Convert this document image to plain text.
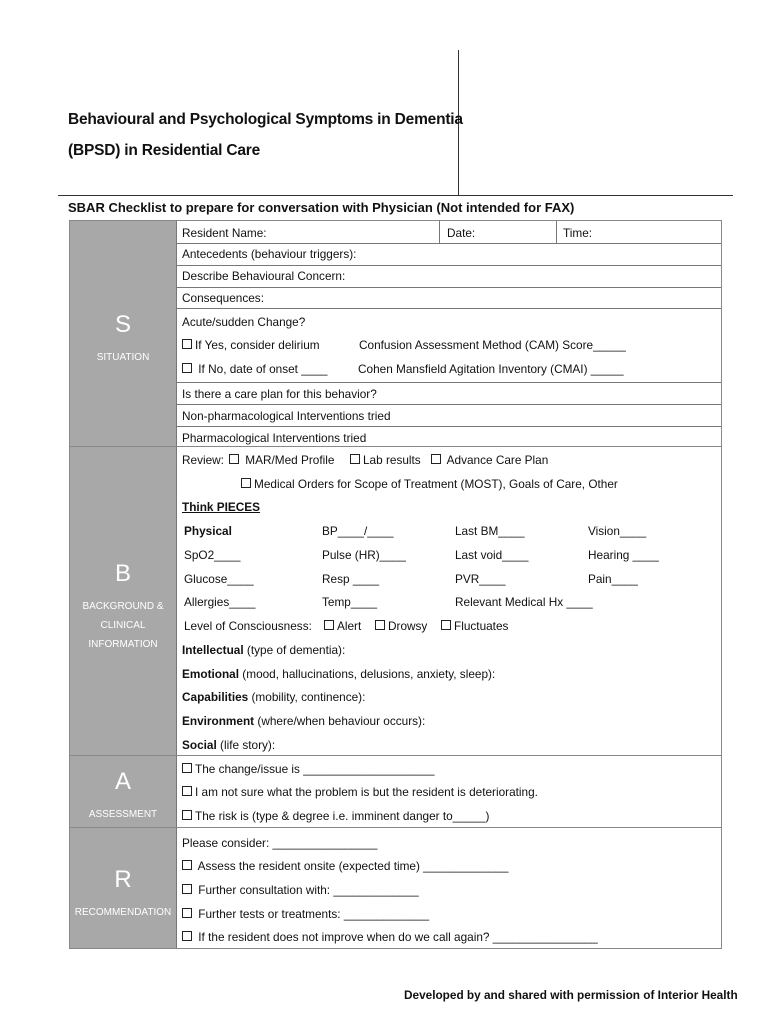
Behavioural and Psychological Symptoms in Dementia
(BPSD) in Residential Care
SBAR Checklist to prepare for conversation with Physician (Not intended for FAX)
S
SITUATION
Resident Name:	Date:	Time:
Antecedents (behaviour triggers):
Describe Behavioural Concern:
Consequences:
Acute/sudden Change?
If Yes, consider delirium	Confusion Assessment Method (CAM) Score_____
If No, date of onset ____	Cohen Mansfield Agitation Inventory (CMAI) _____
Is there a care plan for this behavior?
Non-pharmacological Interventions tried
Pharmacological Interventions tried
B
BACKGROUND &
CLINICAL
INFORMATION
Review:	MAR/Med Profile	Lab results	Advance Care Plan
Medical Orders for Scope of Treatment (MOST), Goals of Care, Other
Think PIECES
Physical	BP____/____	Last BM____	Vision____
SpO2____	Pulse (HR)____	Last void____	Hearing ____
Glucose____	Resp ____	PVR____	Pain____
Allergies____	Temp____	Relevant Medical Hx ____
Level of Consciousness:	Alert	Drowsy	Fluctuates
Intellectual (type of dementia):
Emotional (mood, hallucinations, delusions, anxiety, sleep):
Capabilities (mobility, continence):
Environment (where/when behaviour occurs):
Social (life story):
A
ASSESSMENT
The change/issue is ____________________
I am not sure what the problem is but the resident is deteriorating.
The risk is (type & degree i.e. imminent danger to_____)
R
RECOMMENDATION
Please consider: ________________
Assess the resident onsite (expected time) _____________
Further consultation with: _____________
Further tests or treatments: _____________
If the resident does not improve when do we call again? ________________
Developed by and shared with permission of Interior Health
